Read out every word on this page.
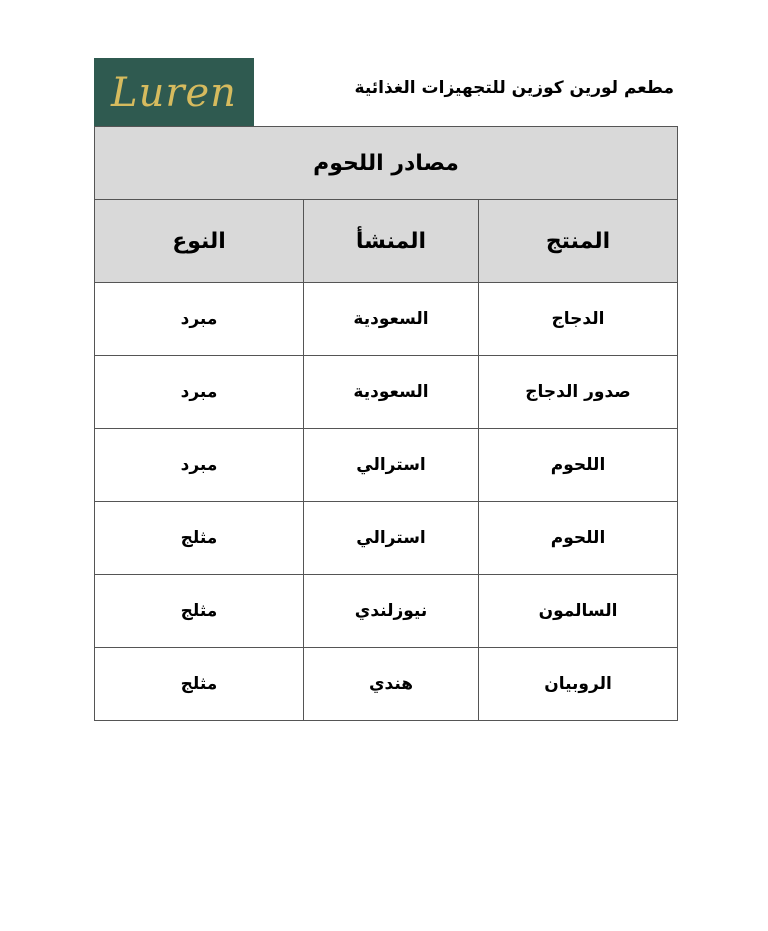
Luren	مطعم لورين كوزين للتجهيزات الغذائية
مصادر اللحوم		
المنتج	المنشأ	النوع
الدجاج	السعودية	مبرد
صدور الدجاج	السعودية	مبرد
اللحوم	استرالي	مبرد
اللحوم	استرالي	مثلج
السالمون	نيوزلندي	مثلج
الروبيان	هندي	مثلج
